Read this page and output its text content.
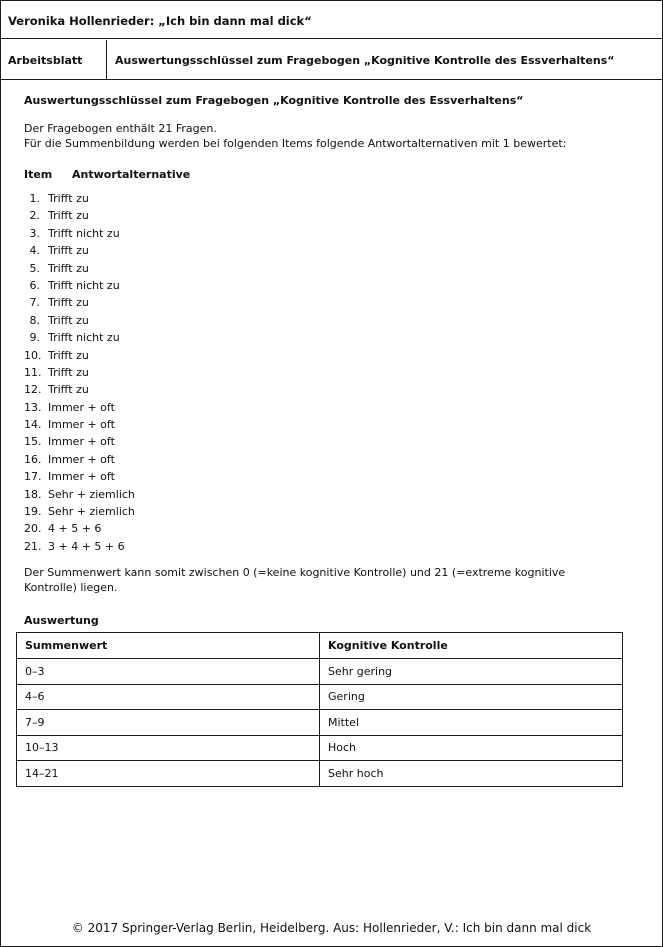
Veronika Hollenrieder: „Ich bin dann mal dick“
Arbeitsblatt	Auswertungsschlüssel zum Fragebogen „Kognitive Kontrolle des Essverhaltens“

Auswertungsschlüssel zum Fragebogen „Kognitive Kontrolle des Essverhaltens“

Der Fragebogen enthält 21 Fragen.
Für die Summenbildung werden bei folgenden Items folgende Antwortalternativen mit 1 bewertet:
Item	Antwortalternative
1. Trifft zu
2. Trifft zu
3. Trifft nicht zu
4. Trifft zu
5. Trifft zu
6. Trifft nicht zu
7. Trifft zu
8. Trifft zu
9. Trifft nicht zu
10. Trifft zu
11. Trifft zu
12. Trifft zu
13. Immer + oft
14. Immer + oft
15. Immer + oft
16. Immer + oft
17. Immer + oft
18. Sehr + ziemlich
19. Sehr + ziemlich
20. 4 + 5 + 6
21. 3 + 4 + 5 + 6
Der Summenwert kann somit zwischen 0 (=keine kognitive Kontrolle) und 21 (=extreme kognitive Kontrolle) liegen.
Auswertung
Summenwert	Kognitive Kontrolle
0–3	Sehr gering
4–6	Gering
7–9	Mittel
10–13	Hoch
14–21	Sehr hoch
© 2017 Springer-Verlag Berlin, Heidelberg. Aus: Hollenrieder, V.: Ich bin dann mal dick
